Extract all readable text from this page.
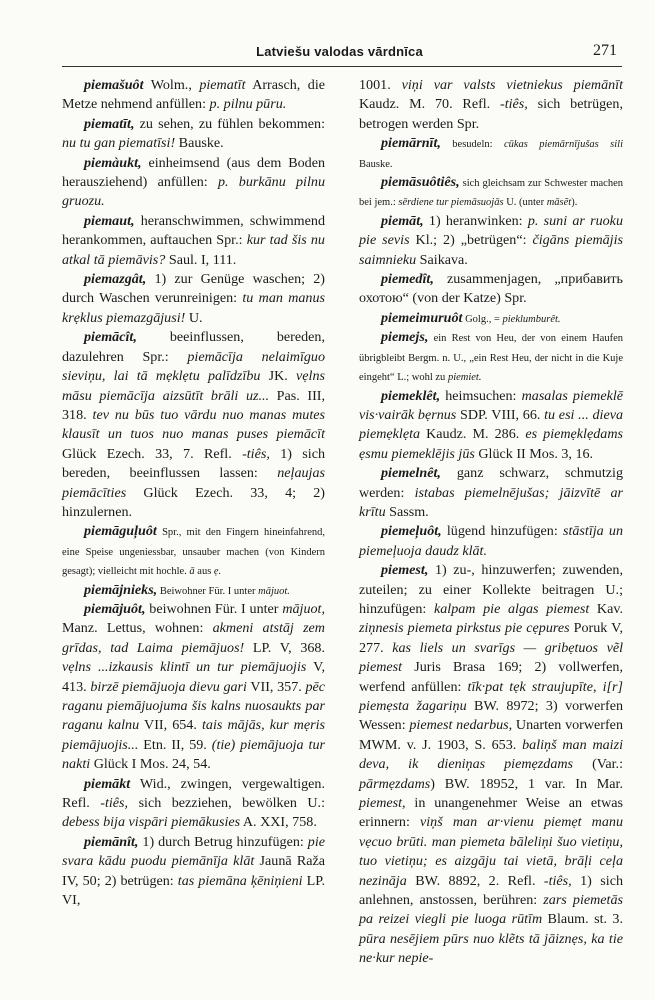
Latviešu valodas vārdnīca	271

piemašuôt Wolm., piematīt Arrasch, die Metze nehmend anfüllen: p. pilnu pūru.

piematīt, zu sehen, zu fühlen bekommen: nu tu gan piematīsi! Bauske.

piemàukt, einheimsend (aus dem Boden herausziehend) anfüllen: p. burkānu pilnu gruozu.

piemaut, heranschwimmen, schwimmend herankommen, auftauchen Spr.: kur tad šis nu atkal tā piemāvis? Saul. I, 111.

piemazgât, 1) zur Genüge waschen; 2) durch Waschen verunreinigen: tu man manus krẹklus piemazgājusi! U.

piemācît, beeinflussen, bereden, dazulehren Spr.: piemācīja nelaimīguo sieviņu, lai tā mẹklẹtu palīdzību JK. vẹlns māsu piemācīja aizsūtīt brāli uz... Pas. III, 318. tev nu būs tuo vārdu nuo manas mutes klausīt un tuos nuo manas puses piemācīt Glück Ezech. 33, 7. Refl. -tiês, 1) sich bereden, beeinflussen lassen: neļaujas piemācīties Glück Ezech. 33, 4; 2) hinzulernen.

piemāguļuôt Spr., mit den Fingern hineinfahrend, eine Speise ungeniessbar, unsauber machen (von Kindern gesagt); vielleicht mit hochle. ā aus ẹ.

piemājnieks, Beiwohner Für. I unter mājuot.

piemājuôt, beiwohnen Für. I unter mājuot, Manz. Lettus, wohnen: akmeni atstāj zem grīdas, tad Laima piemājuos! LP. V, 368. vẹlns ...izkausis klintī un tur piemājuojis V, 413. birzē piemājuoja dievu gari VII, 357. pēc raganu piemājuojuma šis kalns nuosaukts par raganu kalnu VII, 654. tais mājās, kur mẹris piemājuojis... Etn. II, 59. (tie) piemājuoja tur nakti Glück I Mos. 24, 54.

piemākt Wid., zwingen, vergewaltigen. Refl. -tiês, sich bezziehen, bewölken U.: debess bija vispāri piemākusies A. XXI, 758.

piemānît, 1) durch Betrug hinzufügen: pie svara kādu puodu piemānīja klāt Jaunā Raža IV, 50; 2) betrügen: tas piemāna ķēniņieni LP. VI,

1001. viņi var valsts vietniekus piemānīt Kaudz. M. 70. Refl. -tiês, sich betrügen, betrogen werden Spr.

piemārnīt, besudeln: cūkas piemārnījušas sili Bauske.

piemāsuôtiês, sich gleichsam zur Schwester machen bei jem.: sērdiene tur piemāsuojās U. (unter māsẽt).

piemāt, 1) heranwinken: p. suni ar ruoku pie sevis Kl.; 2) „betrügen“: čigāns piemājis saimnieku Saikava.

piemedît, zusammenjagen, „прибавить охотою“ (von der Katze) Spr.

piemeimuruôt Golg., = pieklumburêt.

piemejs, ein Rest von Heu, der von einem Haufen übrigbleibt Bergm. n. U., „ein Rest Heu, der nicht in die Kuje eingeht“ L.; wohl zu piemiet.

piemeklêt, heimsuchen: masalas piemeklē vis·vairāk bẹrnus SDP. VIII, 66. tu esi ... dieva piemẹklẹta Kaudz. M. 286. es piemẹklẹdams ẹsmu piemeklējis jūs Glück II Mos. 3, 16.

piemelnêt, ganz schwarz, schmutzig werden: istabas piemelnējušas; jāizvītē ar krītu Sassm.

piemeļuôt, lügend hinzufügen: stāstīja un piemeļuoja daudz klāt.

piemest, 1) zu-, hinzuwerfen; zuwenden, zuteilen; zu einer Kollekte beitragen U.; hinzufügen: kalpam pie algas piemest Kav. ziņnesis piemeta pirkstus pie cẹpures Poruk V, 277. kas liels un svarīgs — gribẹtuos vẽl piemest Juris Brasa 169; 2) vollwerfen, werfend anfüllen: tīk·pat tẹk straujupīte, i[r] piemẹsta žagariņu BW. 8972; 3) vorwerfen Wessen: piemest nedarbus, Unarten vorwerfen MWM. v. J. 1903, S. 653. baliņš man maizi deva, ik dieniņas piemẹzdams (Var.: pārmẹzdams) BW. 18952, 1 var. In Mar. piemest, in unangenehmer Weise an etwas erinnern: viņš man ar·vienu piemẹt manu vẹcuo brūti. man piemeta bāleliņi šuo vietiņu, tuo vietiņu; es aizgāju tai vietā, brāļi ceļa nezināja BW. 8892, 2. Refl. -tiês, 1) sich anlehnen, anstossen, berühren: zars piemetās pa reizei viegli pie luoga rūtīm Blaum. st. 3. pūra nesējiem pūrs nuo klẽts tā jāiznẹs, ka tie ne·kur nepie-
